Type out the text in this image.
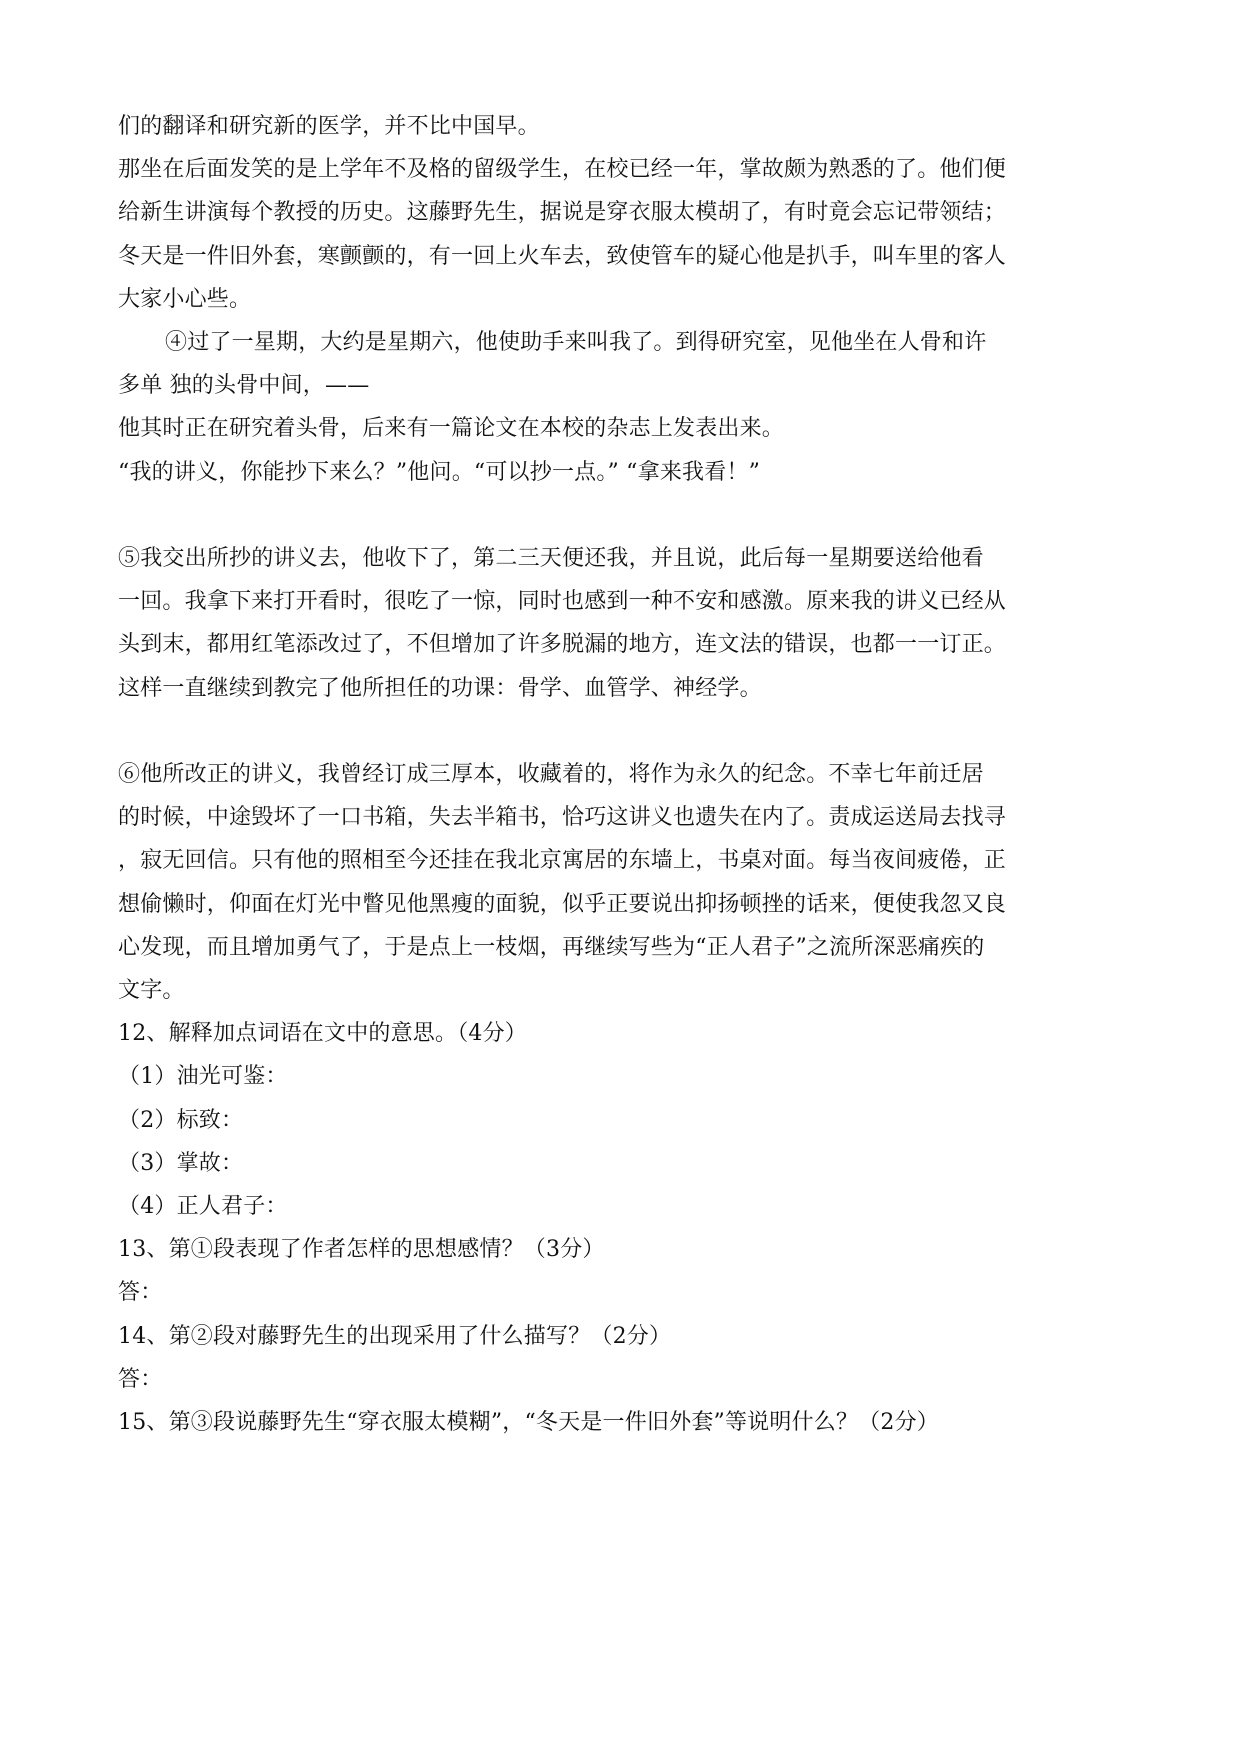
们的翻译和研究新的医学，并不比中国早。
那坐在后面发笑的是上学年不及格的留级学生，在校已经一年，掌故颇为熟悉的了。他们便
给新生讲演每个教授的历史。这藤野先生，据说是穿衣服太模胡了，有时竟会忘记带领结；
冬天是一件旧外套，寒颤颤的，有一回上火车去，致使管车的疑心他是扒手，叫车里的客人
大家小心些。
④过了一星期，大约是星期六，他使助手来叫我了。到得研究室，见他坐在人骨和许
多单 独的头骨中间，——
他其时正在研究着头骨，后来有一篇论文在本校的杂志上发表出来。
“我的讲义，你能抄下来么？”他问。“可以抄一点。” “拿来我看！”
⑤我交出所抄的讲义去，他收下了，第二三天便还我，并且说，此后每一星期要送给他看
一回。我拿下来打开看时，很吃了一惊，同时也感到一种不安和感激。原来我的讲义已经从
头到末，都用红笔添改过了，不但增加了许多脱漏的地方，连文法的错误，也都一一订正。
这样一直继续到教完了他所担任的功课：骨学、血管学、神经学。
⑥他所改正的讲义，我曾经订成三厚本，收藏着的，将作为永久的纪念。不幸七年前迁居
的时候，中途毁坏了一口书箱，失去半箱书，恰巧这讲义也遗失在内了。责成运送局去找寻
，寂无回信。只有他的照相至今还挂在我北京寓居的东墙上，书桌对面。每当夜间疲倦，正
想偷懒时，仰面在灯光中瞥见他黑瘦的面貌，似乎正要说出抑扬顿挫的话来，便使我忽又良
心发现，而且增加勇气了，于是点上一枝烟，再继续写些为“正人君子”之流所深恶痛疾的
文字。
12、解释加点词语在文中的意思。（4分）
（1）油光可鉴：
（2）标致：
（3）掌故：
（4）正人君子：
13、第①段表现了作者怎样的思想感情？（3分）
答：
14、第②段对藤野先生的出现采用了什么描写？（2分）
答：
15、第③段说藤野先生“穿衣服太模糊”，“冬天是一件旧外套”等说明什么？（2分）
